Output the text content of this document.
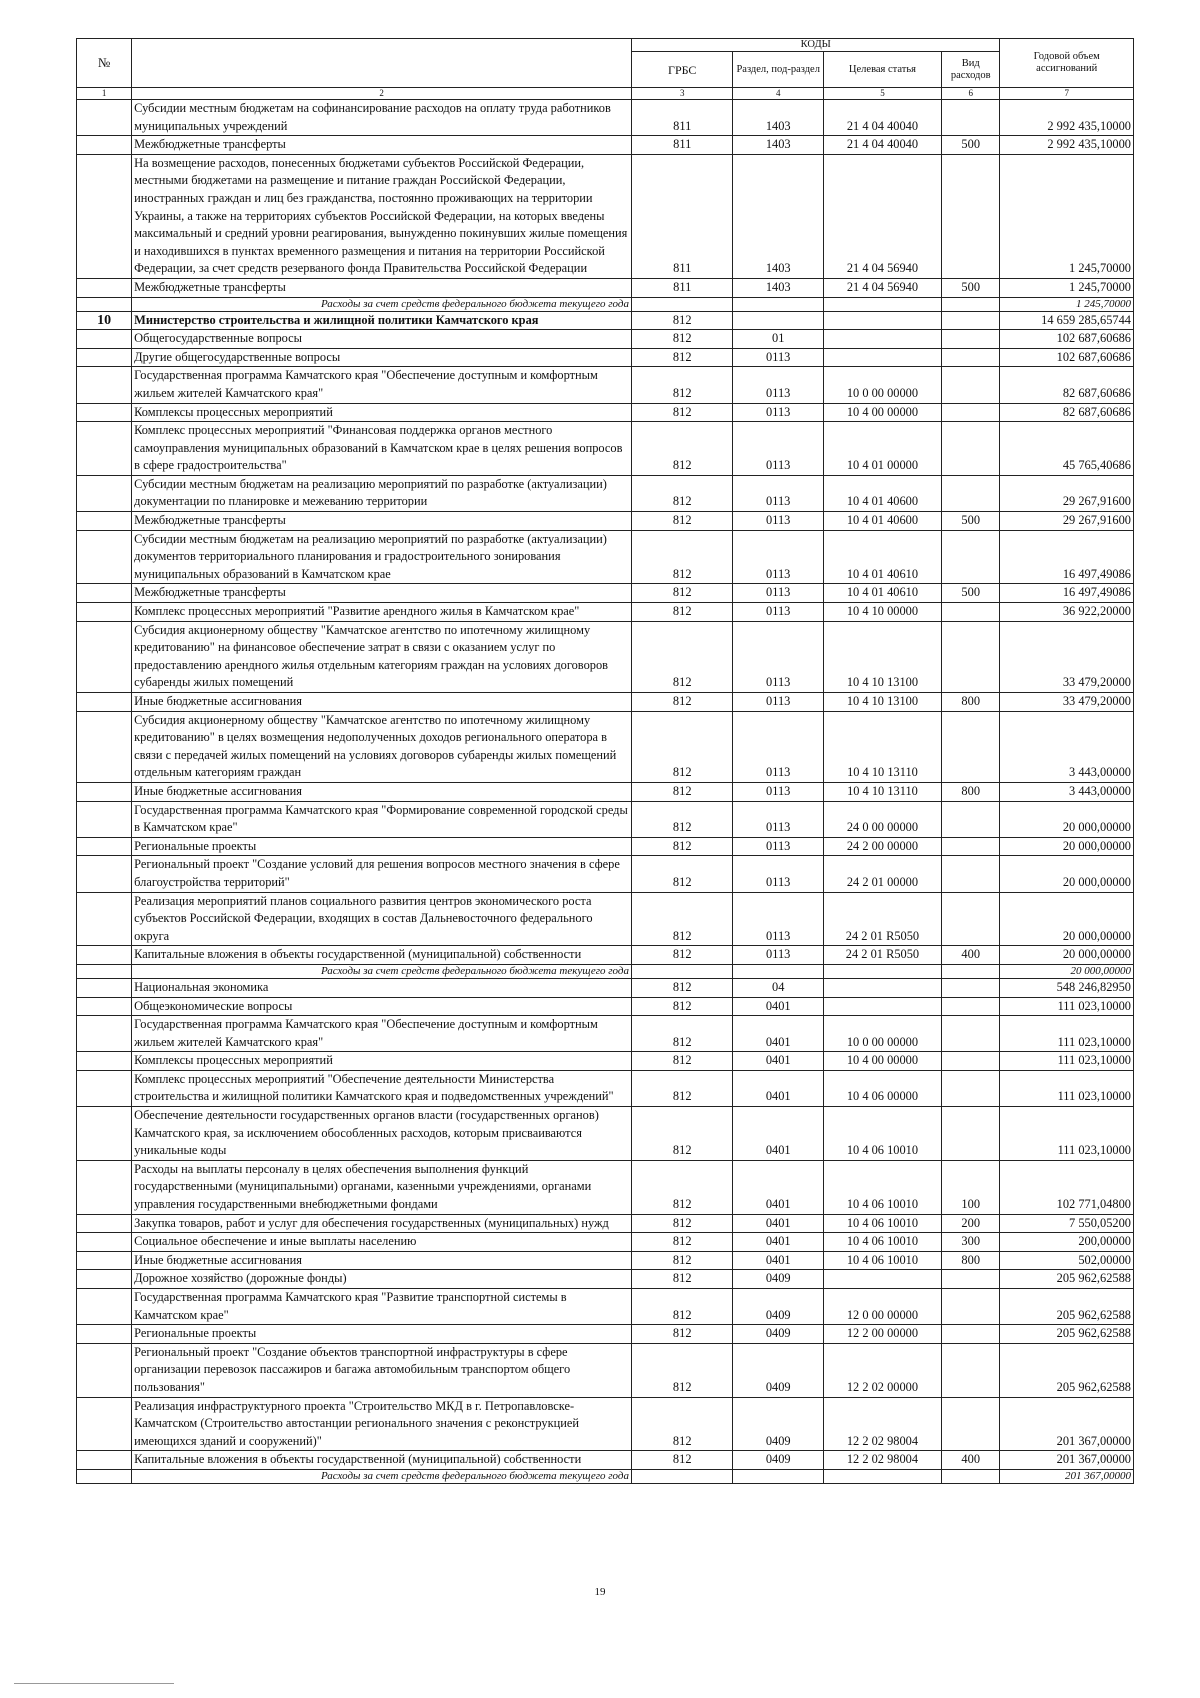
№		КОДЫ				Годовой объем ассигнований
		ГРБС	Раздел, под-раздел	Целевая статья	Вид расходов	
1	2	3	4	5	6	7
	Субсидии местным бюджетам на софинансирование расходов на оплату труда работников муниципальных учреждений	811	1403	21 4 04 40040		2 992 435,10000
	Межбюджетные трансферты	811	1403	21 4 04 40040	500	2 992 435,10000
	На возмещение расходов, понесенных бюджетами субъектов Российской Федерации, местными бюджетами на размещение и питание граждан Российской Федерации, иностранных граждан и лиц без гражданства, постоянно проживающих на территории Украины, а также на территориях субъектов Российской Федерации, на которых введены максимальный и средний уровни реагирования, вынужденно покинувших жилые помещения и находившихся в пунктах временного размещения и питания на территории Российской Федерации, за счет средств резерваного фонда Правительства Российской Федерации	811	1403	21 4 04 56940		1 245,70000
	Межбюджетные трансферты	811	1403	21 4 04 56940	500	1 245,70000
	Расходы за счет средств федерального бюджета текущего года					1 245,70000
10	Министерство строительства и жилищной политики Камчатского края	812				14 659 285,65744
	Общегосударственные вопросы	812	01			102 687,60686
	Другие общегосударственные вопросы	812	0113			102 687,60686
	Государственная программа Камчатского края "Обеспечение доступным и комфортным жильем жителей Камчатского края"	812	0113	10 0 00 00000		82 687,60686
	Комплексы процессных мероприятий	812	0113	10 4 00 00000		82 687,60686
	Комплекс процессных мероприятий "Финансовая поддержка органов местного самоуправления муниципальных образований в Камчатском крае в целях решения вопросов в сфере градостроительства"	812	0113	10 4 01 00000		45 765,40686
	Субсидии местным бюджетам на реализацию мероприятий по разработке (актуализации) документации по планировке и межеванию территории	812	0113	10 4 01 40600		29 267,91600
	Межбюджетные трансферты	812	0113	10 4 01 40600	500	29 267,91600
	Субсидии местным бюджетам на реализацию мероприятий по разработке (актуализации) документов территориального планирования и градостроительного зонирования муниципальных образований в Камчатском крае	812	0113	10 4 01 40610		16 497,49086
	Межбюджетные трансферты	812	0113	10 4 01 40610	500	16 497,49086
	Комплекс процессных мероприятий "Развитие арендного жилья в Камчатском крае"	812	0113	10 4 10 00000		36 922,20000
	Субсидия акционерному обществу "Камчатское агентство по ипотечному жилищному кредитованию" на финансовое обеспечение затрат в связи с оказанием услуг по предоставлению арендного жилья отдельным категориям граждан на условиях договоров субаренды жилых помещений	812	0113	10 4 10 13100		33 479,20000
	Иные бюджетные ассигнования	812	0113	10 4 10 13100	800	33 479,20000
	Субсидия акционерному обществу "Камчатское агентство по ипотечному жилищному кредитованию" в целях возмещения недополученных доходов регионального оператора в связи с передачей жилых помещений на условиях договоров субаренды жилых помещений отдельным категориям граждан	812	0113	10 4 10 13110		3 443,00000
	Иные бюджетные ассигнования	812	0113	10 4 10 13110	800	3 443,00000
	Государственная программа Камчатского края "Формирование современной городской среды в Камчатском крае"	812	0113	24 0 00 00000		20 000,00000
	Региональные проекты	812	0113	24 2 00 00000		20 000,00000
	Региональный проект "Создание условий для решения вопросов местного значения в сфере благоустройства территорий"	812	0113	24 2 01 00000		20 000,00000
	Реализация мероприятий планов социального развития центров экономического роста субъектов Российской Федерации, входящих в состав Дальневосточного федерального округа	812	0113	24 2 01 R5050		20 000,00000
	Капитальные вложения в объекты государственной (муниципальной) собственности	812	0113	24 2 01 R5050	400	20 000,00000
	Расходы за счет средств федерального бюджета текущего года					20 000,00000
	Национальная экономика	812	04			548 246,82950
	Общеэкономические вопросы	812	0401			111 023,10000
	Государственная программа Камчатского края "Обеспечение доступным и комфортным жильем жителей Камчатского края"	812	0401	10 0 00 00000		111 023,10000
	Комплексы процессных мероприятий	812	0401	10 4 00 00000		111 023,10000
	Комплекс процессных мероприятий "Обеспечение деятельности Министерства строительства и жилищной политики Камчатского края и подведомственных учреждений"	812	0401	10 4 06 00000		111 023,10000
	Обеспечение деятельности государственных органов власти (государственных органов) Камчатского края, за исключением обособленных расходов, которым присваиваются уникальные коды	812	0401	10 4 06 10010		111 023,10000
	Расходы на выплаты персоналу в целях обеспечения выполнения функций государственными (муниципальными) органами, казенными учреждениями, органами управления государственными внебюджетными фондами	812	0401	10 4 06 10010	100	102 771,04800
	Закупка товаров, работ и услуг для обеспечения государственных (муниципальных) нужд	812	0401	10 4 06 10010	200	7 550,05200
	Социальное обеспечение и иные выплаты населению	812	0401	10 4 06 10010	300	200,00000
	Иные бюджетные ассигнования	812	0401	10 4 06 10010	800	502,00000
	Дорожное хозяйство (дорожные фонды)	812	0409			205 962,62588
	Государственная программа Камчатского края "Развитие транспортной системы в Камчатском крае"	812	0409	12 0 00 00000		205 962,62588
	Региональные проекты	812	0409	12 2 00 00000		205 962,62588
	Региональный проект "Создание объектов транспортной инфраструктуры в сфере организации перевозок пассажиров и багажа автомобильным транспортом общего пользования"	812	0409	12 2 02 00000		205 962,62588
	Реализация инфраструктурного проекта "Строительство МКД в г. Петропавловске-Камчатском (Строительство автостанции регионального значения с реконструкцией имеющихся зданий и сооружений)"	812	0409	12 2 02 98004		201 367,00000
	Капитальные вложения в объекты государственной (муниципальной) собственности	812	0409	12 2 02 98004	400	201 367,00000
	Расходы за счет средств федерального бюджета текущего года					201 367,00000
19
